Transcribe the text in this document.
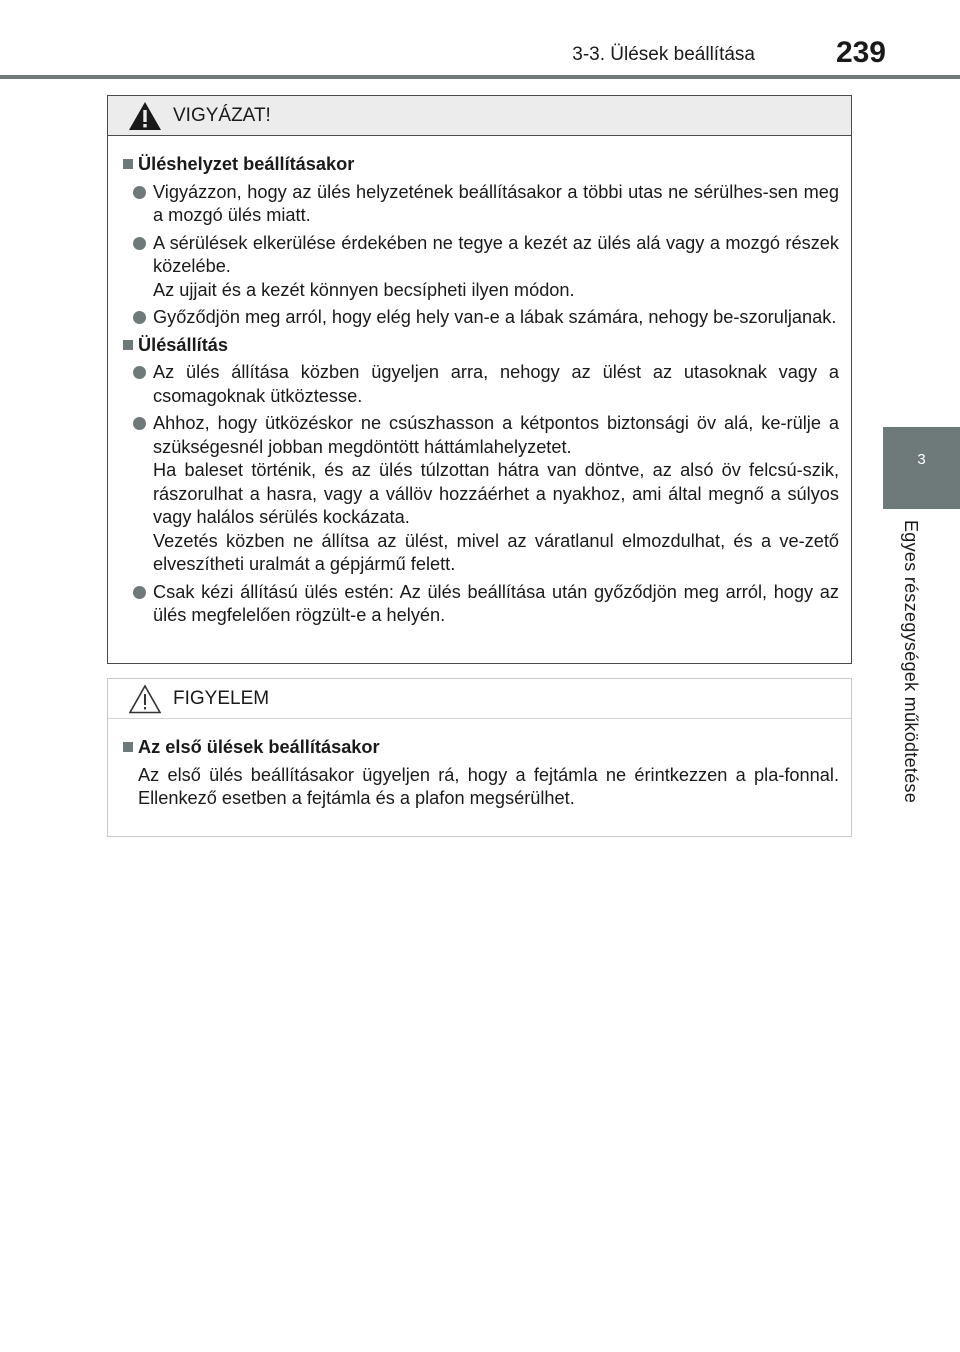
3-3. Ülések beállítása	239
3
Egyes részegységek működtetése
VIGYÁZAT!
Üléshelyzet beállításakor

Vigyázzon, hogy az ülés helyzetének beállításakor a többi utas ne sérülhes-sen meg a mozgó ülés miatt.

A sérülések elkerülése érdekében ne tegye a kezét az ülés alá vagy a mozgó részek közelébe.

Az ujjait és a kezét könnyen becsípheti ilyen módon.

Győződjön meg arról, hogy elég hely van-e a lábak számára, nehogy be-szoruljanak.

Ülésállítás

Az ülés állítása közben ügyeljen arra, nehogy az ülést az utasoknak vagy a csomagoknak ütköztesse.

Ahhoz, hogy ütközéskor ne csúszhasson a kétpontos biztonsági öv alá, ke-rülje a szükségesnél jobban megdöntött háttámlahelyzetet.

Ha baleset történik, és az ülés túlzottan hátra van döntve, az alsó öv felcsú-szik, rászorulhat a hasra, vagy a vállöv hozzáérhet a nyakhoz, ami által megnő a súlyos vagy halálos sérülés kockázata.

Vezetés közben ne állítsa az ülést, mivel az váratlanul elmozdulhat, és a ve-zető elveszítheti uralmát a gépjármű felett.

Csak kézi állítású ülés estén: Az ülés beállítása után győződjön meg arról, hogy az ülés megfelelően rögzült-e a helyén.

FIGYELEM
Az első ülések beállításakor

Az első ülés beállításakor ügyeljen rá, hogy a fejtámla ne érintkezzen a pla-fonnal. Ellenkező esetben a fejtámla és a plafon megsérülhet.
